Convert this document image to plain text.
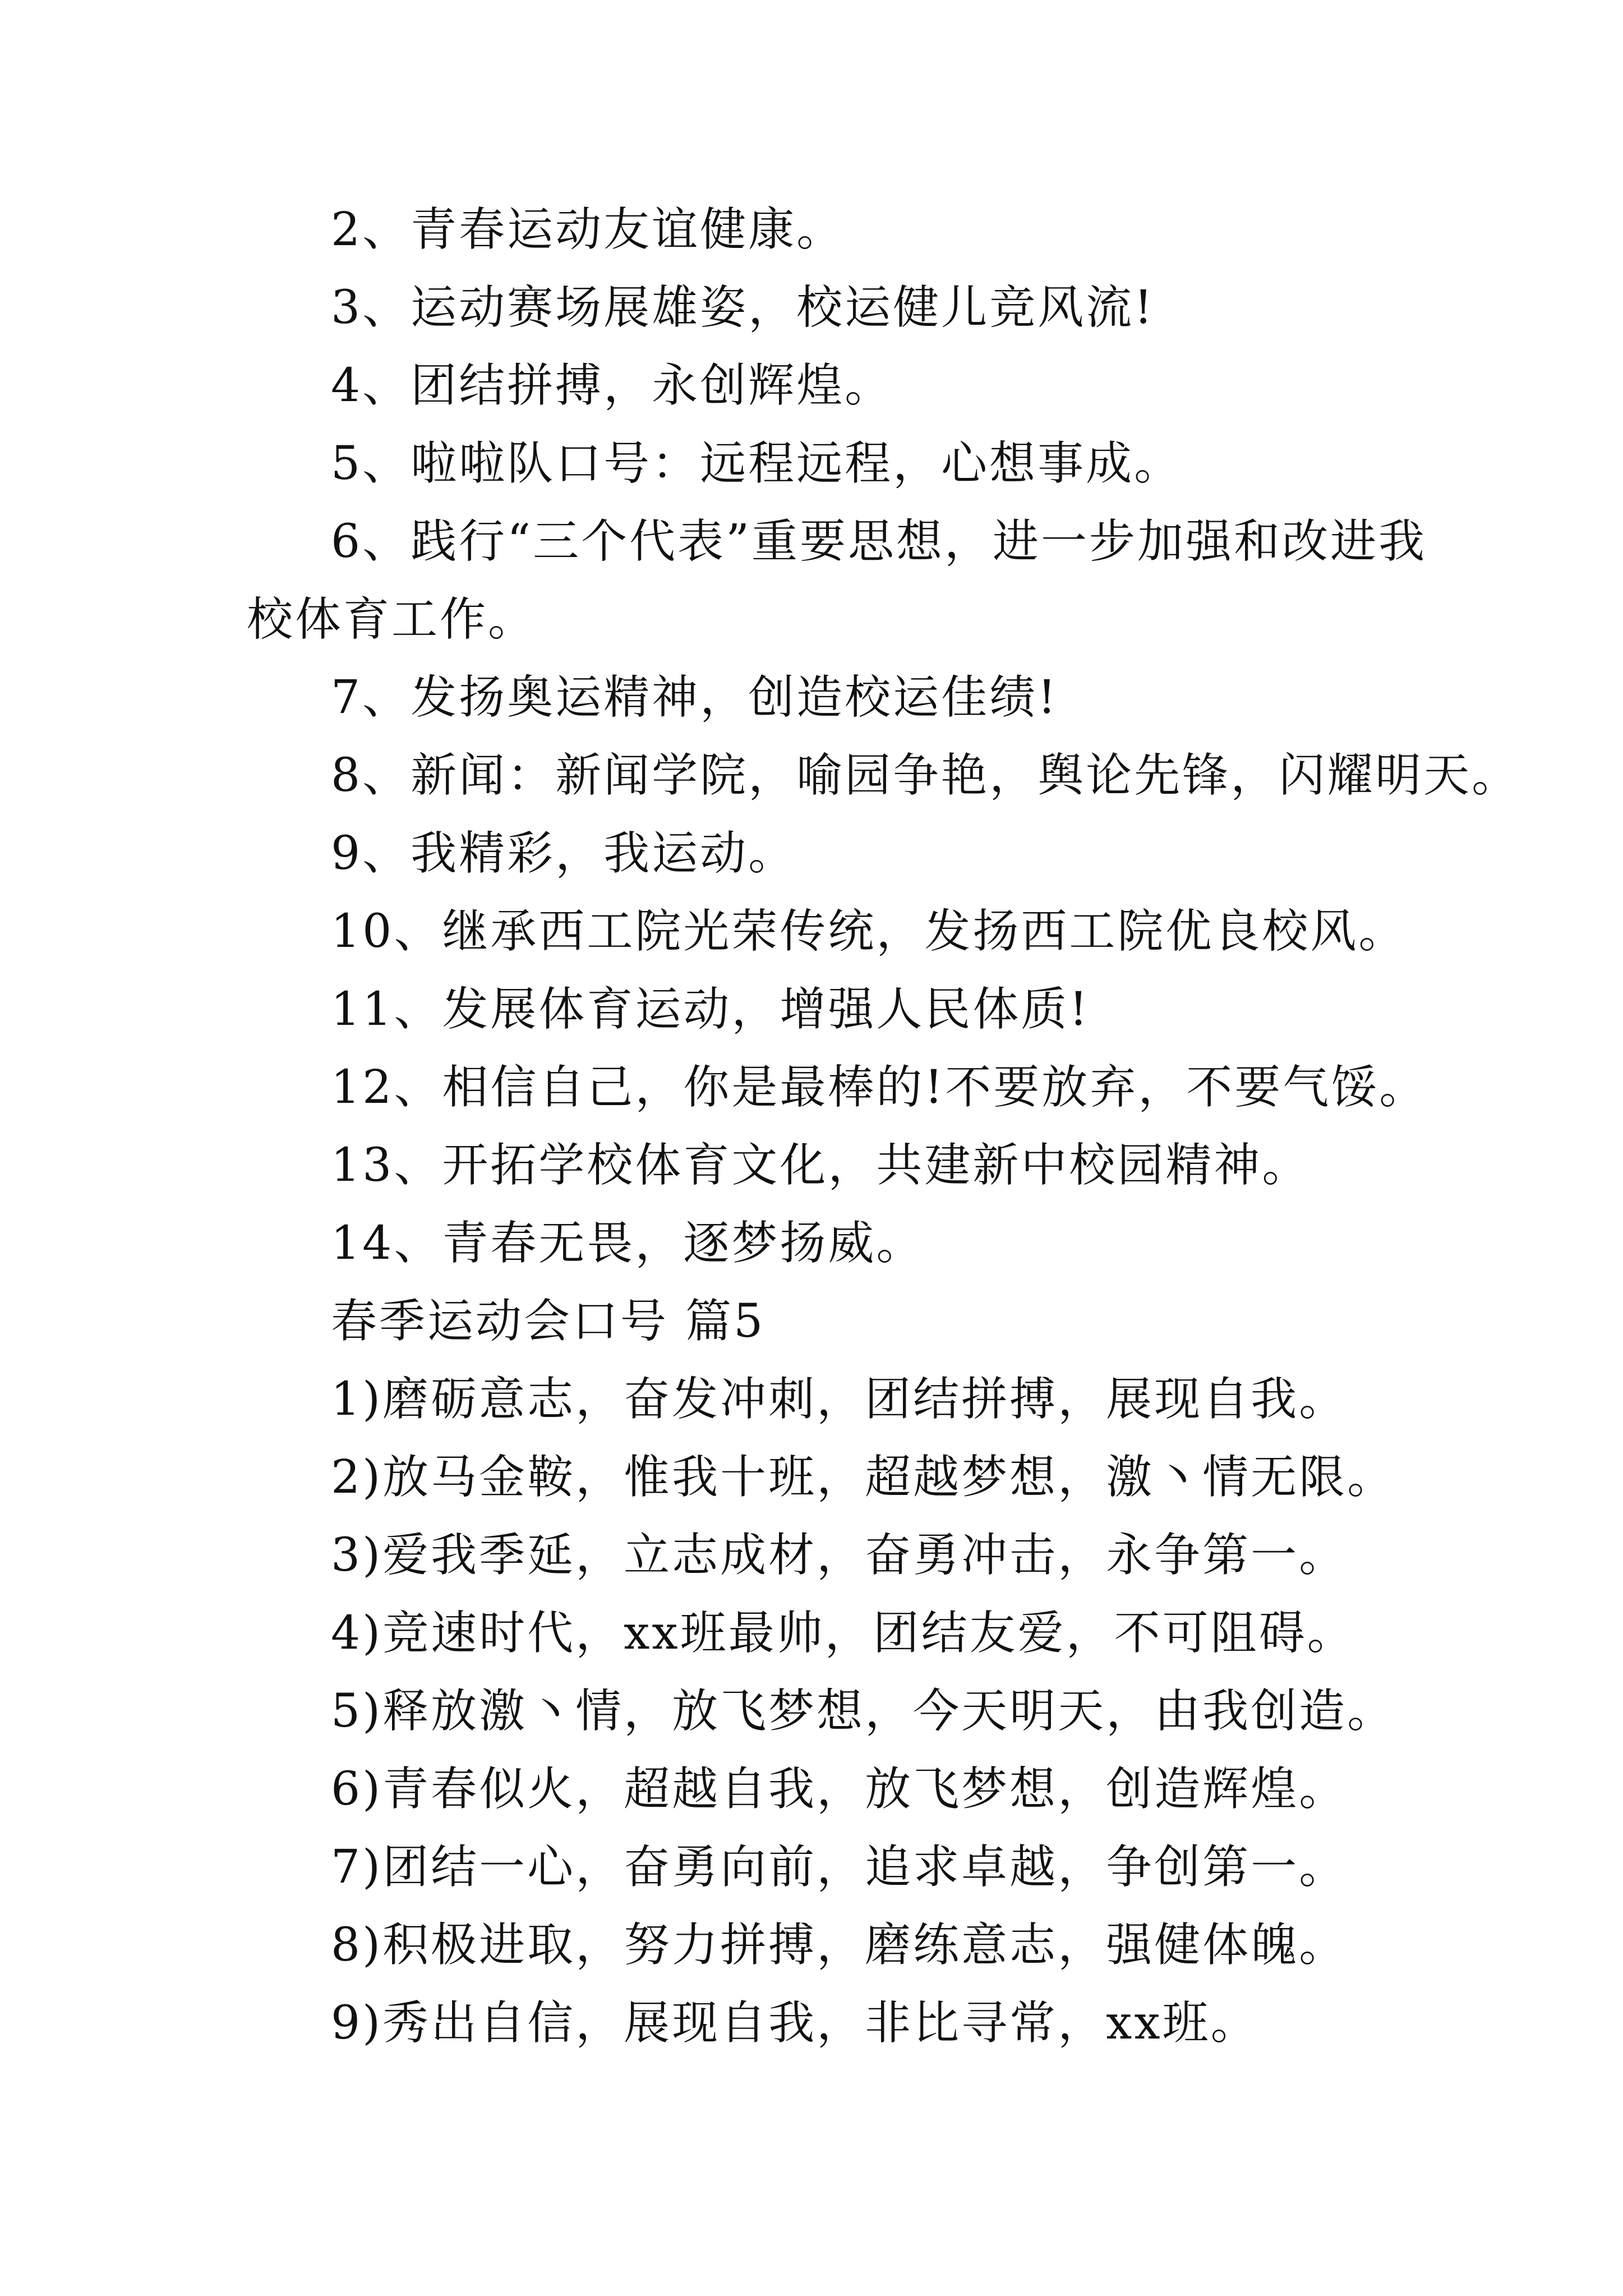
2、青春运动友谊健康。
3、运动赛场展雄姿，校运健儿竞风流!
4、团结拼搏，永创辉煌。
5、啦啦队口号：远程远程，心想事成。
6、践行“三个代表”重要思想，进一步加强和改进我
校体育工作。
7、发扬奥运精神，创造校运佳绩!
8、新闻：新闻学院，喻园争艳，舆论先锋，闪耀明天。
9、我精彩，我运动。
10、继承西工院光荣传统，发扬西工院优良校风。
11、发展体育运动，增强人民体质!
12、相信自己，你是最棒的!不要放弃，不要气馁。
13、开拓学校体育文化，共建新中校园精神。
14、青春无畏，逐梦扬威。
春季运动会口号 篇5
1)磨砺意志，奋发冲刺，团结拼搏，展现自我。
2)放马金鞍，惟我十班，超越梦想，激丶情无限。
3)爱我季延，立志成材，奋勇冲击，永争第一。
4)竞速时代，xx班最帅，团结友爱，不可阻碍。
5)释放激丶情，放飞梦想，今天明天，由我创造。
6)青春似火，超越自我，放飞梦想，创造辉煌。
7)团结一心，奋勇向前，追求卓越，争创第一。
8)积极进取，努力拼搏，磨练意志，强健体魄。
9)秀出自信，展现自我，非比寻常，xx班。
